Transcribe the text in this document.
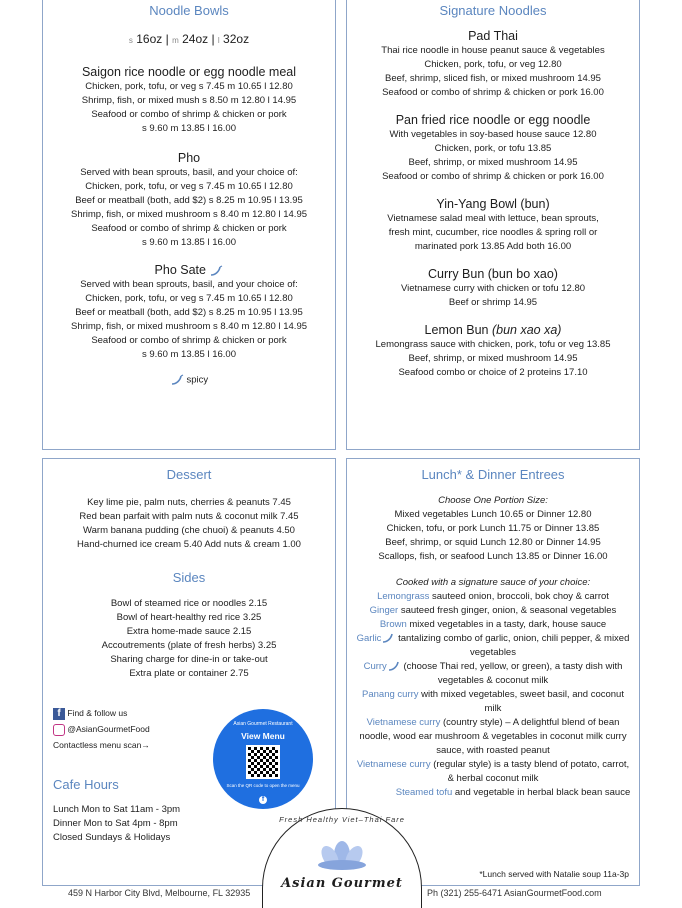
Noodle Bowls

s 16oz | m 24oz | l 32oz
Saigon rice noodle or egg noodle meal
Chicken, pork, tofu, or veg s 7.45 m 10.65 l 12.80
Shrimp, fish, or mixed mush s 8.50 m 12.80 l 14.95
Seafood or combo of shrimp & chicken or pork
s 9.60 m 13.85 l 16.00
Pho
Served with bean sprouts, basil, and your choice of:
Chicken, pork, tofu, or veg s 7.45 m 10.65 l 12.80
Beef or meatball (both, add $2) s 8.25 m 10.95 l 13.95
Shrimp, fish, or mixed mushroom s 8.40 m 12.80 l 14.95
Seafood or combo of shrimp & chicken or pork
s 9.60 m 13.85 l 16.00
Pho Sate
Served with bean sprouts, basil, and your choice of:
Chicken, pork, tofu, or veg s 7.45 m 10.65 l 12.80
Beef or meatball (both, add $2) s 8.25 m 10.95 l 13.95
Shrimp, fish, or mixed mushroom s 8.40 m 12.80 l 14.95
Seafood or combo of shrimp & chicken or pork
s 9.60 m 13.85 l 16.00
spicy

Signature Noodles

Pad Thai
Thai rice noodle in house peanut sauce & vegetables
Chicken, pork, tofu, or veg 12.80
Beef, shrimp, sliced fish, or mixed mushroom 14.95
Seafood or combo of shrimp & chicken or pork 16.00
Pan fried rice noodle or egg noodle
With vegetables in soy-based house sauce 12.80
Chicken, pork, or tofu 13.85
Beef, shrimp, or mixed mushroom 14.95
Seafood or combo of shrimp & chicken or pork 16.00
Yin-Yang Bowl (bun)
Vietnamese salad meal with lettuce, bean sprouts,
fresh mint, cucumber, rice noodles & spring roll or
marinated pork 13.85 Add both 16.00
Curry Bun (bun bo xao)
Vietnamese curry with chicken or tofu 12.80
Beef or shrimp 14.95
Lemon Bun (bun xao xa)
Lemongrass sauce with chicken, pork, tofu or veg 13.85
Beef, shrimp, or mixed mushroom 14.95
Seafood combo or choice of 2 proteins 17.10

Dessert

Key lime pie, palm nuts, cherries & peanuts 7.45
Red bean parfait with palm nuts & coconut milk 7.45
Warm banana pudding (che chuoi) & peanuts 4.50
Hand-churned ice cream 5.40 Add nuts & cream 1.00

Sides

Bowl of steamed rice or noodles 2.15
Bowl of heart-healthy red rice 3.25
Extra home-made sauce 2.15
Accoutrements (plate of fresh herbs) 3.25
Sharing charge for dine-in or take-out
Extra plate or container 2.75
f Find & follow us
@AsianGourmetFood
Contactless menu scan→
Asian Gourmet Restaurant
View Menu
Scan the QR code to open the menu
f

Cafe Hours

Lunch Mon to Sat 11am - 3pm
Dinner Mon to Sat 4pm - 8pm
Closed Sundays & Holidays

Lunch* & Dinner Entrees

Choose One Portion Size:
Mixed vegetables Lunch 10.65 or Dinner 12.80
Chicken, tofu, or pork Lunch 11.75 or Dinner 13.85
Beef, shrimp, or squid Lunch 12.80 or Dinner 14.95
Scallops, fish, or seafood Lunch 13.85 or Dinner 16.00
Cooked with a signature sauce of your choice:
Lemongrass sauteed onion, broccoli, bok choy & carrot
Ginger sauteed fresh ginger, onion, & seasonal vegetables
Brown mixed vegetables in a tasty, dark, house sauce
Garlic tantalizing combo of garlic, onion, chili pepper, & mixed vegetables
Curry (choose Thai red, yellow, or green), a tasty dish with vegetables & coconut milk
Panang curry with mixed vegetables, sweet basil, and coconut milk
Vietnamese curry (country style) – A delightful blend of bean noodle, wood ear mushroom & vegetables in coconut milk curry sauce, with roasted peanut
Vietnamese curry (regular style) is a tasty blend of potato, carrot, & herbal coconut milk
Steamed tofu and vegetable in herbal black bean sauce
*Lunch served with Natalie soup 11a-3p
Fresh Healthy Viet–Thai Fare
Asian Gourmet
459 N Harbor City Blvd, Melbourne, FL 32935	Ph (321) 255-6471 AsianGourmetFood.com
